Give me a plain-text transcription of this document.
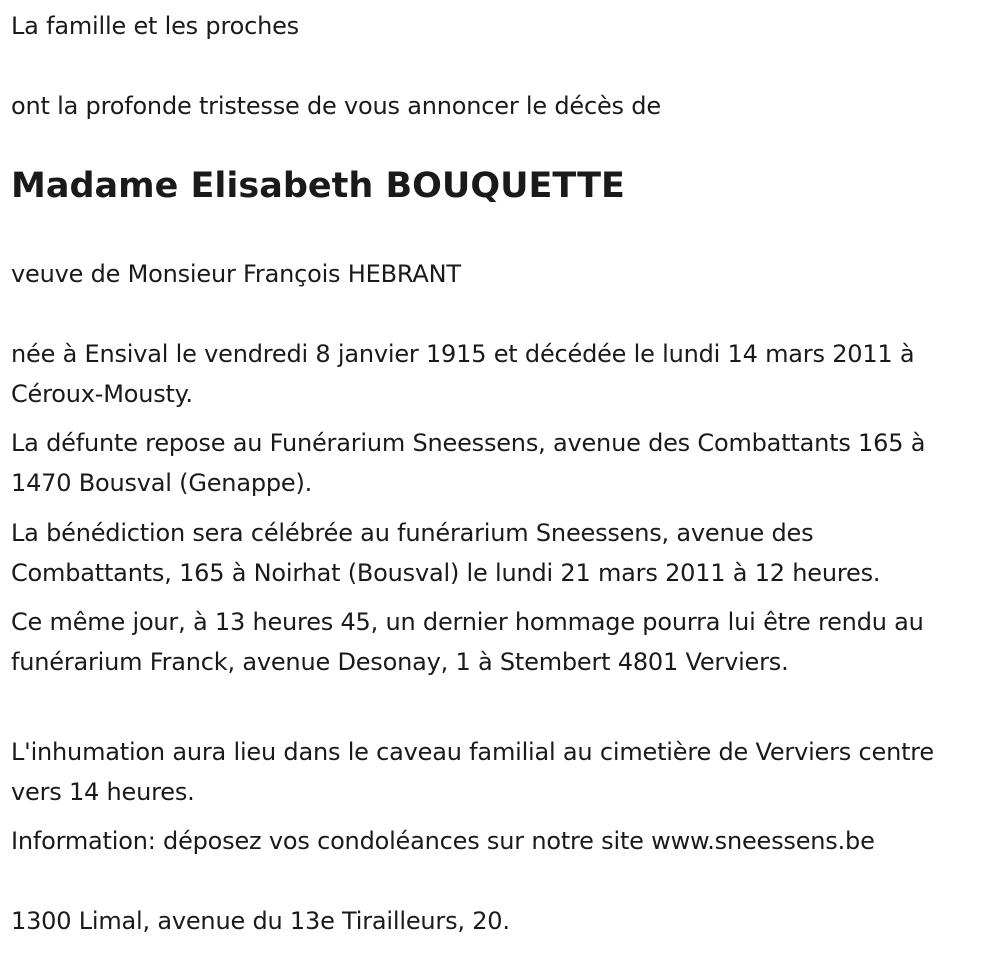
La famille et les proches

ont la profonde tristesse de vous annoncer le décès de

Madame Elisabeth BOUQUETTE

veuve de Monsieur François HEBRANT

née à Ensival le vendredi 8 janvier 1915 et décédée le lundi 14 mars 2011 à Céroux-Mousty.

La défunte repose au Funérarium Sneessens, avenue des Combattants 165 à 1470 Bousval (Genappe).

La bénédiction sera célébrée au funérarium Sneessens, avenue des Combattants, 165 à Noirhat (Bousval) le lundi 21 mars 2011 à 12 heures.

Ce même jour, à 13 heures 45, un dernier hommage pourra lui être rendu au funérarium Franck, avenue Desonay, 1 à Stembert 4801 Verviers.

L'inhumation aura lieu dans le caveau familial au cimetière de Verviers centre vers 14 heures.

Information: déposez vos condoléances sur notre site www.sneessens.be

1300 Limal, avenue du 13e Tirailleurs, 20.
